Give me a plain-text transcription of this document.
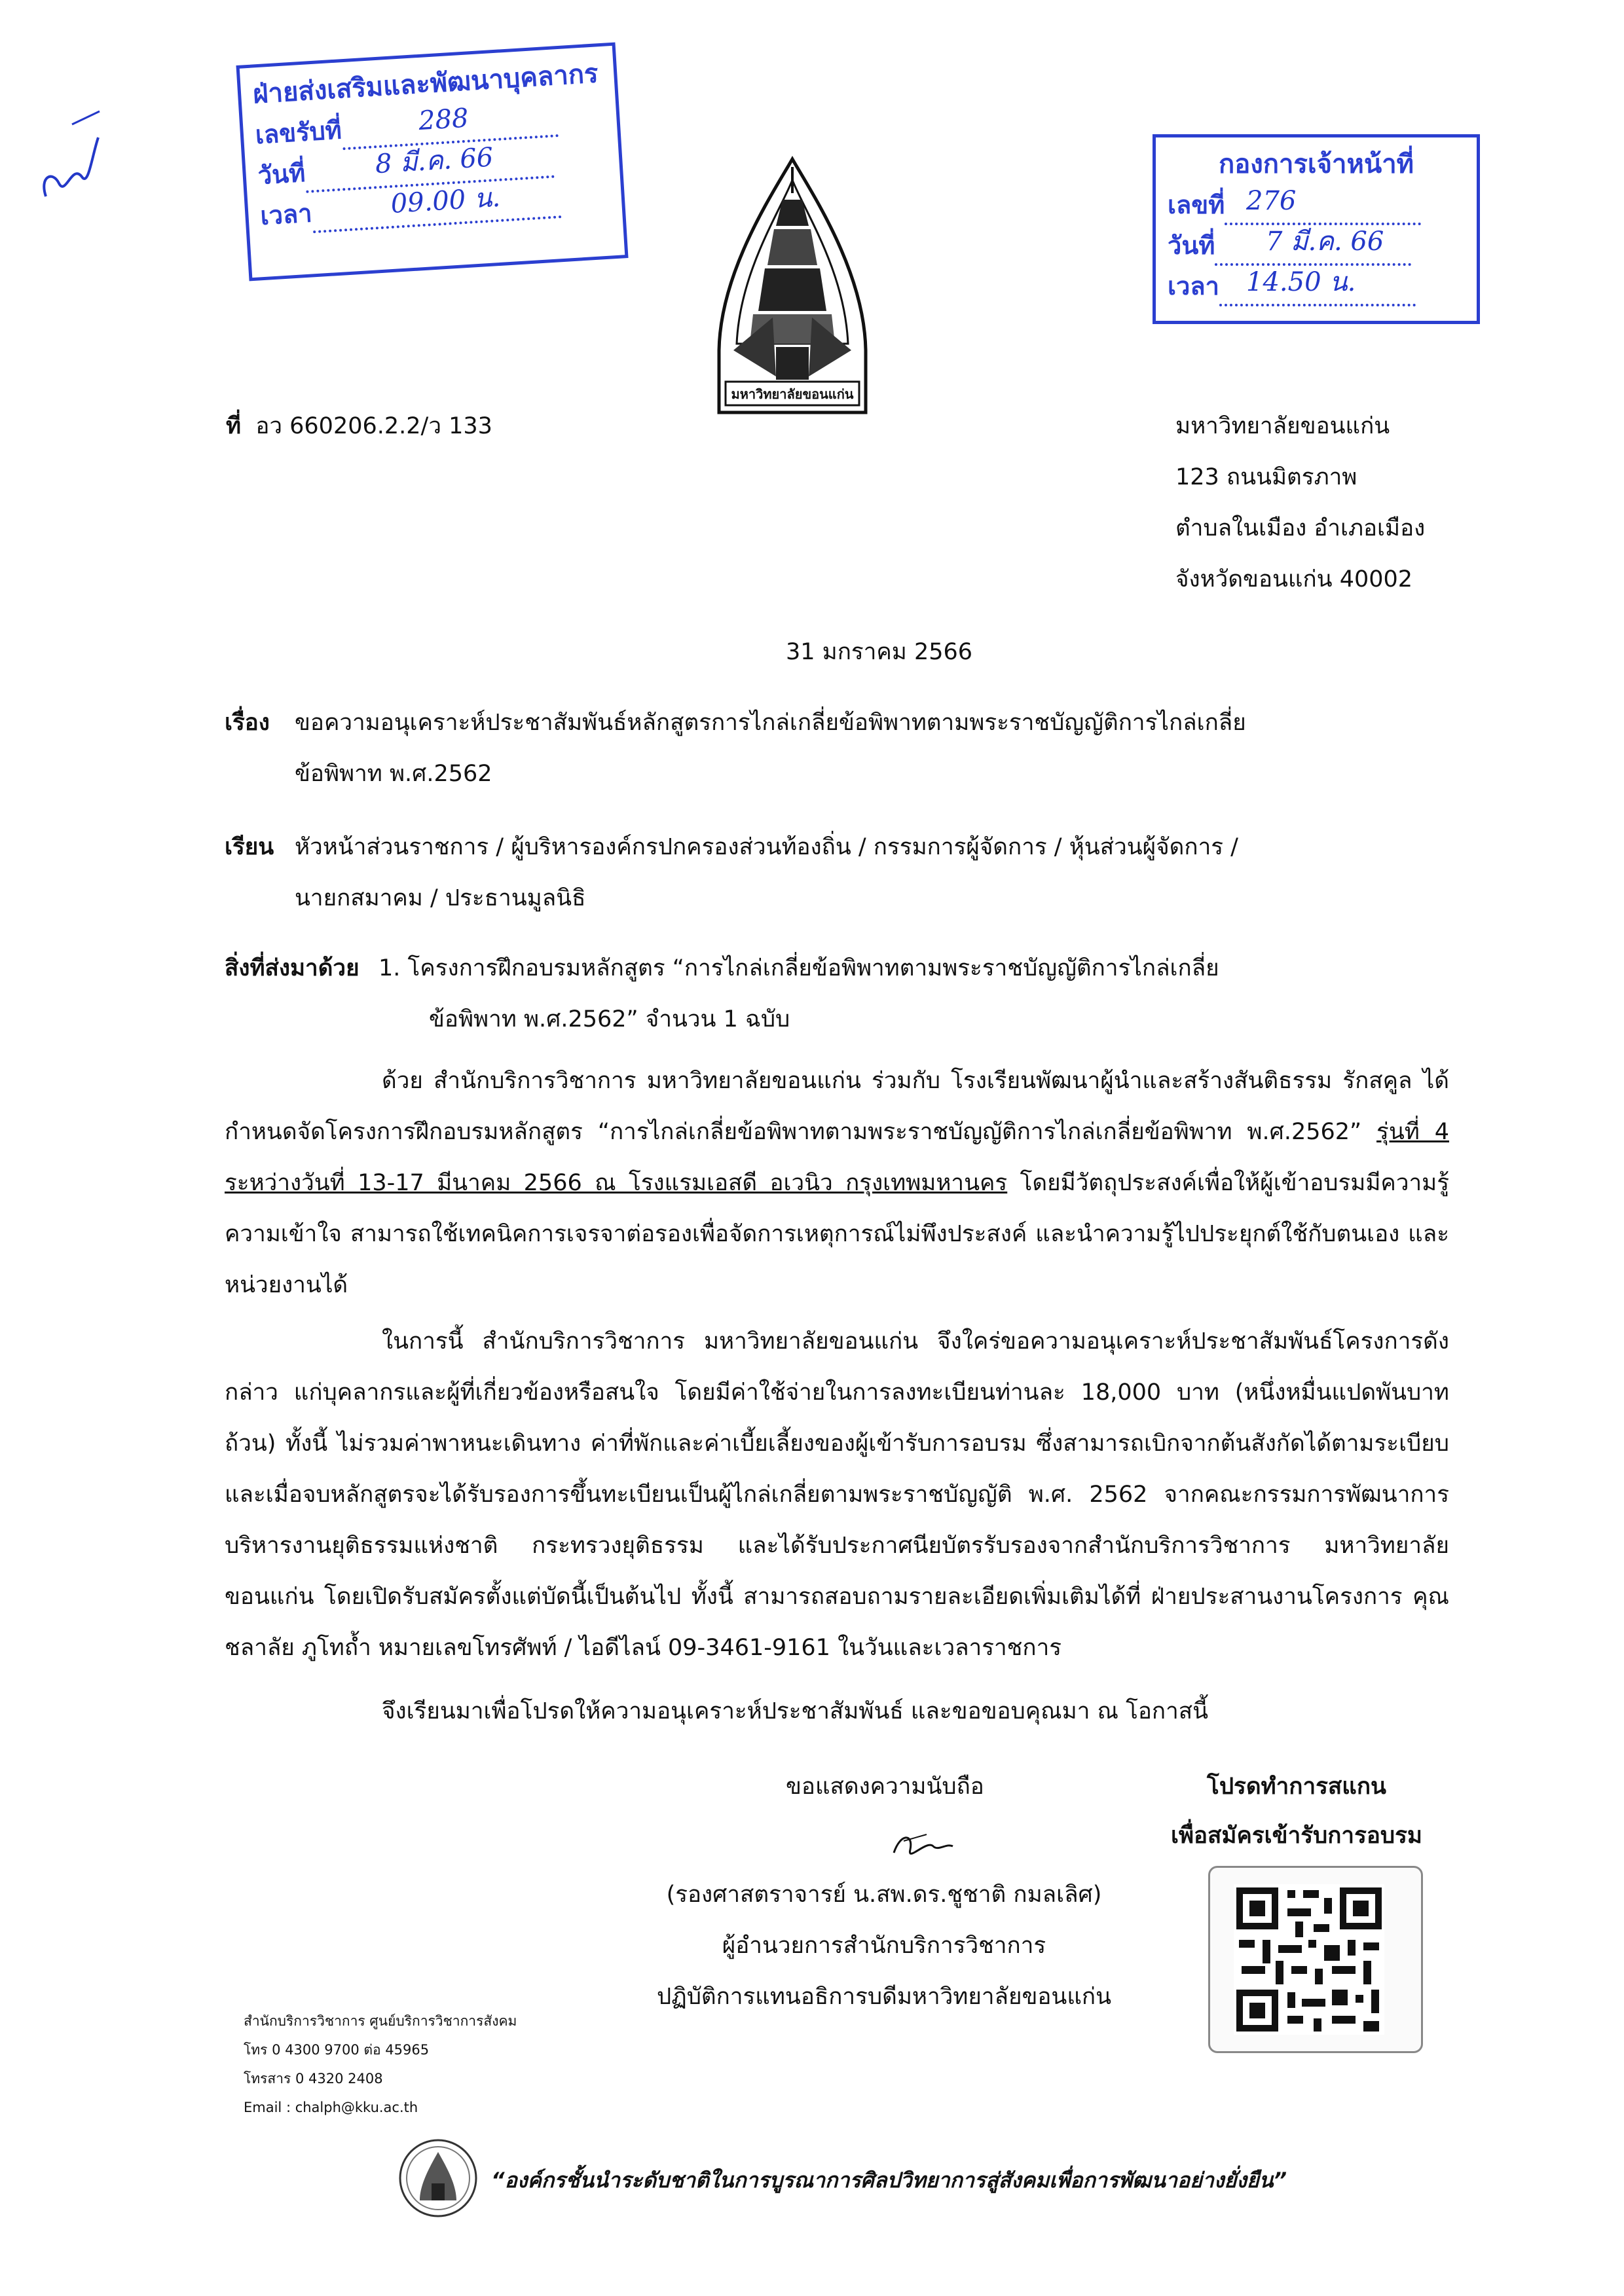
ฝ่ายส่งเสริมและพัฒนาบุคลากร
เลขรับที่	288
วันที่	8 มี.ค. 66
เวลา	09.00 น.
มหาวิทยาลัยขอนแก่น
กองการเจ้าหน้าที่
เลขที่ 276
วันที่ 7 มี.ค. 66
เวลา 14.50 น.
ที่ อว 660206.2.2/ว 133	มหาวิทยาลัยขอนแก่น
123 ถนนมิตรภาพ
ตำบลในเมือง อำเภอเมือง
จังหวัดขอนแก่น 40002
31 มกราคม 2566
เรื่อง ขอความอนุเคราะห์ประชาสัมพันธ์หลักสูตรการไกล่เกลี่ยข้อพิพาทตามพระราชบัญญัติการไกล่เกลี่ย
ข้อพิพาท พ.ศ.2562
เรียน หัวหน้าส่วนราชการ / ผู้บริหารองค์กรปกครองส่วนท้องถิ่น / กรรมการผู้จัดการ / หุ้นส่วนผู้จัดการ /
นายกสมาคม / ประธานมูลนิธิ
สิ่งที่ส่งมาด้วย 1. โครงการฝึกอบรมหลักสูตร “การไกล่เกลี่ยข้อพิพาทตามพระราชบัญญัติการไกล่เกลี่ย
ข้อพิพาท พ.ศ.2562” จำนวน 1 ฉบับ
ด้วย สำนักบริการวิชาการ มหาวิทยาลัยขอนแก่น ร่วมกับ โรงเรียนพัฒนาผู้นำและสร้างสันติธรรม รักสคูล ได้กำหนดจัดโครงการฝึกอบรมหลักสูตร “การไกล่เกลี่ยข้อพิพาทตามพระราชบัญญัติการไกล่เกลี่ยข้อพิพาท พ.ศ.2562” รุ่นที่ 4 ระหว่างวันที่ 13-17 มีนาคม 2566 ณ โรงแรมเอสดี อเวนิว กรุงเทพมหานคร โดยมีวัตถุประสงค์เพื่อให้ผู้เข้าอบรมมีความรู้ ความเข้าใจ สามารถใช้เทคนิคการเจรจาต่อรองเพื่อจัดการเหตุการณ์ไม่พึงประสงค์ และนำความรู้ไปประยุกต์ใช้กับตนเอง และหน่วยงานได้
ในการนี้ สำนักบริการวิชาการ มหาวิทยาลัยขอนแก่น จึงใคร่ขอความอนุเคราะห์ประชาสัมพันธ์โครงการดังกล่าว แก่บุคลากรและผู้ที่เกี่ยวข้องหรือสนใจ โดยมีค่าใช้จ่ายในการลงทะเบียนท่านละ 18,000 บาท (หนึ่งหมื่นแปดพันบาทถ้วน) ทั้งนี้ ไม่รวมค่าพาหนะเดินทาง ค่าที่พักและค่าเบี้ยเลี้ยงของผู้เข้ารับการอบรม ซึ่งสามารถเบิกจากต้นสังกัดได้ตามระเบียบ และเมื่อจบหลักสูตรจะได้รับรองการขึ้นทะเบียนเป็นผู้ไกล่เกลี่ยตามพระราชบัญญัติ พ.ศ. 2562 จากคณะกรรมการพัฒนาการบริหารงานยุติธรรมแห่งชาติ กระทรวงยุติธรรม และได้รับประกาศนียบัตรรับรองจากสำนักบริการวิชาการ มหาวิทยาลัยขอนแก่น โดยเปิดรับสมัครตั้งแต่บัดนี้เป็นต้นไป ทั้งนี้ สามารถสอบถามรายละเอียดเพิ่มเติมได้ที่ ฝ่ายประสานงานโครงการ คุณชลาลัย ภูโทถ้ำ หมายเลขโทรศัพท์ / ไอดีไลน์ 09-3461-9161 ในวันและเวลาราชการ
จึงเรียนมาเพื่อโปรดให้ความอนุเคราะห์ประชาสัมพันธ์ และขอขอบคุณมา ณ โอกาสนี้
ขอแสดงความนับถือ
(รองศาสตราจารย์ น.สพ.ดร.ชูชาติ กมลเลิศ)
ผู้อำนวยการสำนักบริการวิชาการ
ปฏิบัติการแทนอธิการบดีมหาวิทยาลัยขอนแก่น
โปรดทำการสแกน
เพื่อสมัครเข้ารับการอบรม
สำนักบริการวิชาการ ศูนย์บริการวิชาการสังคม
โทร 0 4300 9700 ต่อ 45965
โทรสาร 0 4320 2408
Email : chalph@kku.ac.th
“องค์กรชั้นนำระดับชาติในการบูรณาการศิลปวิทยาการสู่สังคมเพื่อการพัฒนาอย่างยั่งยืน”
